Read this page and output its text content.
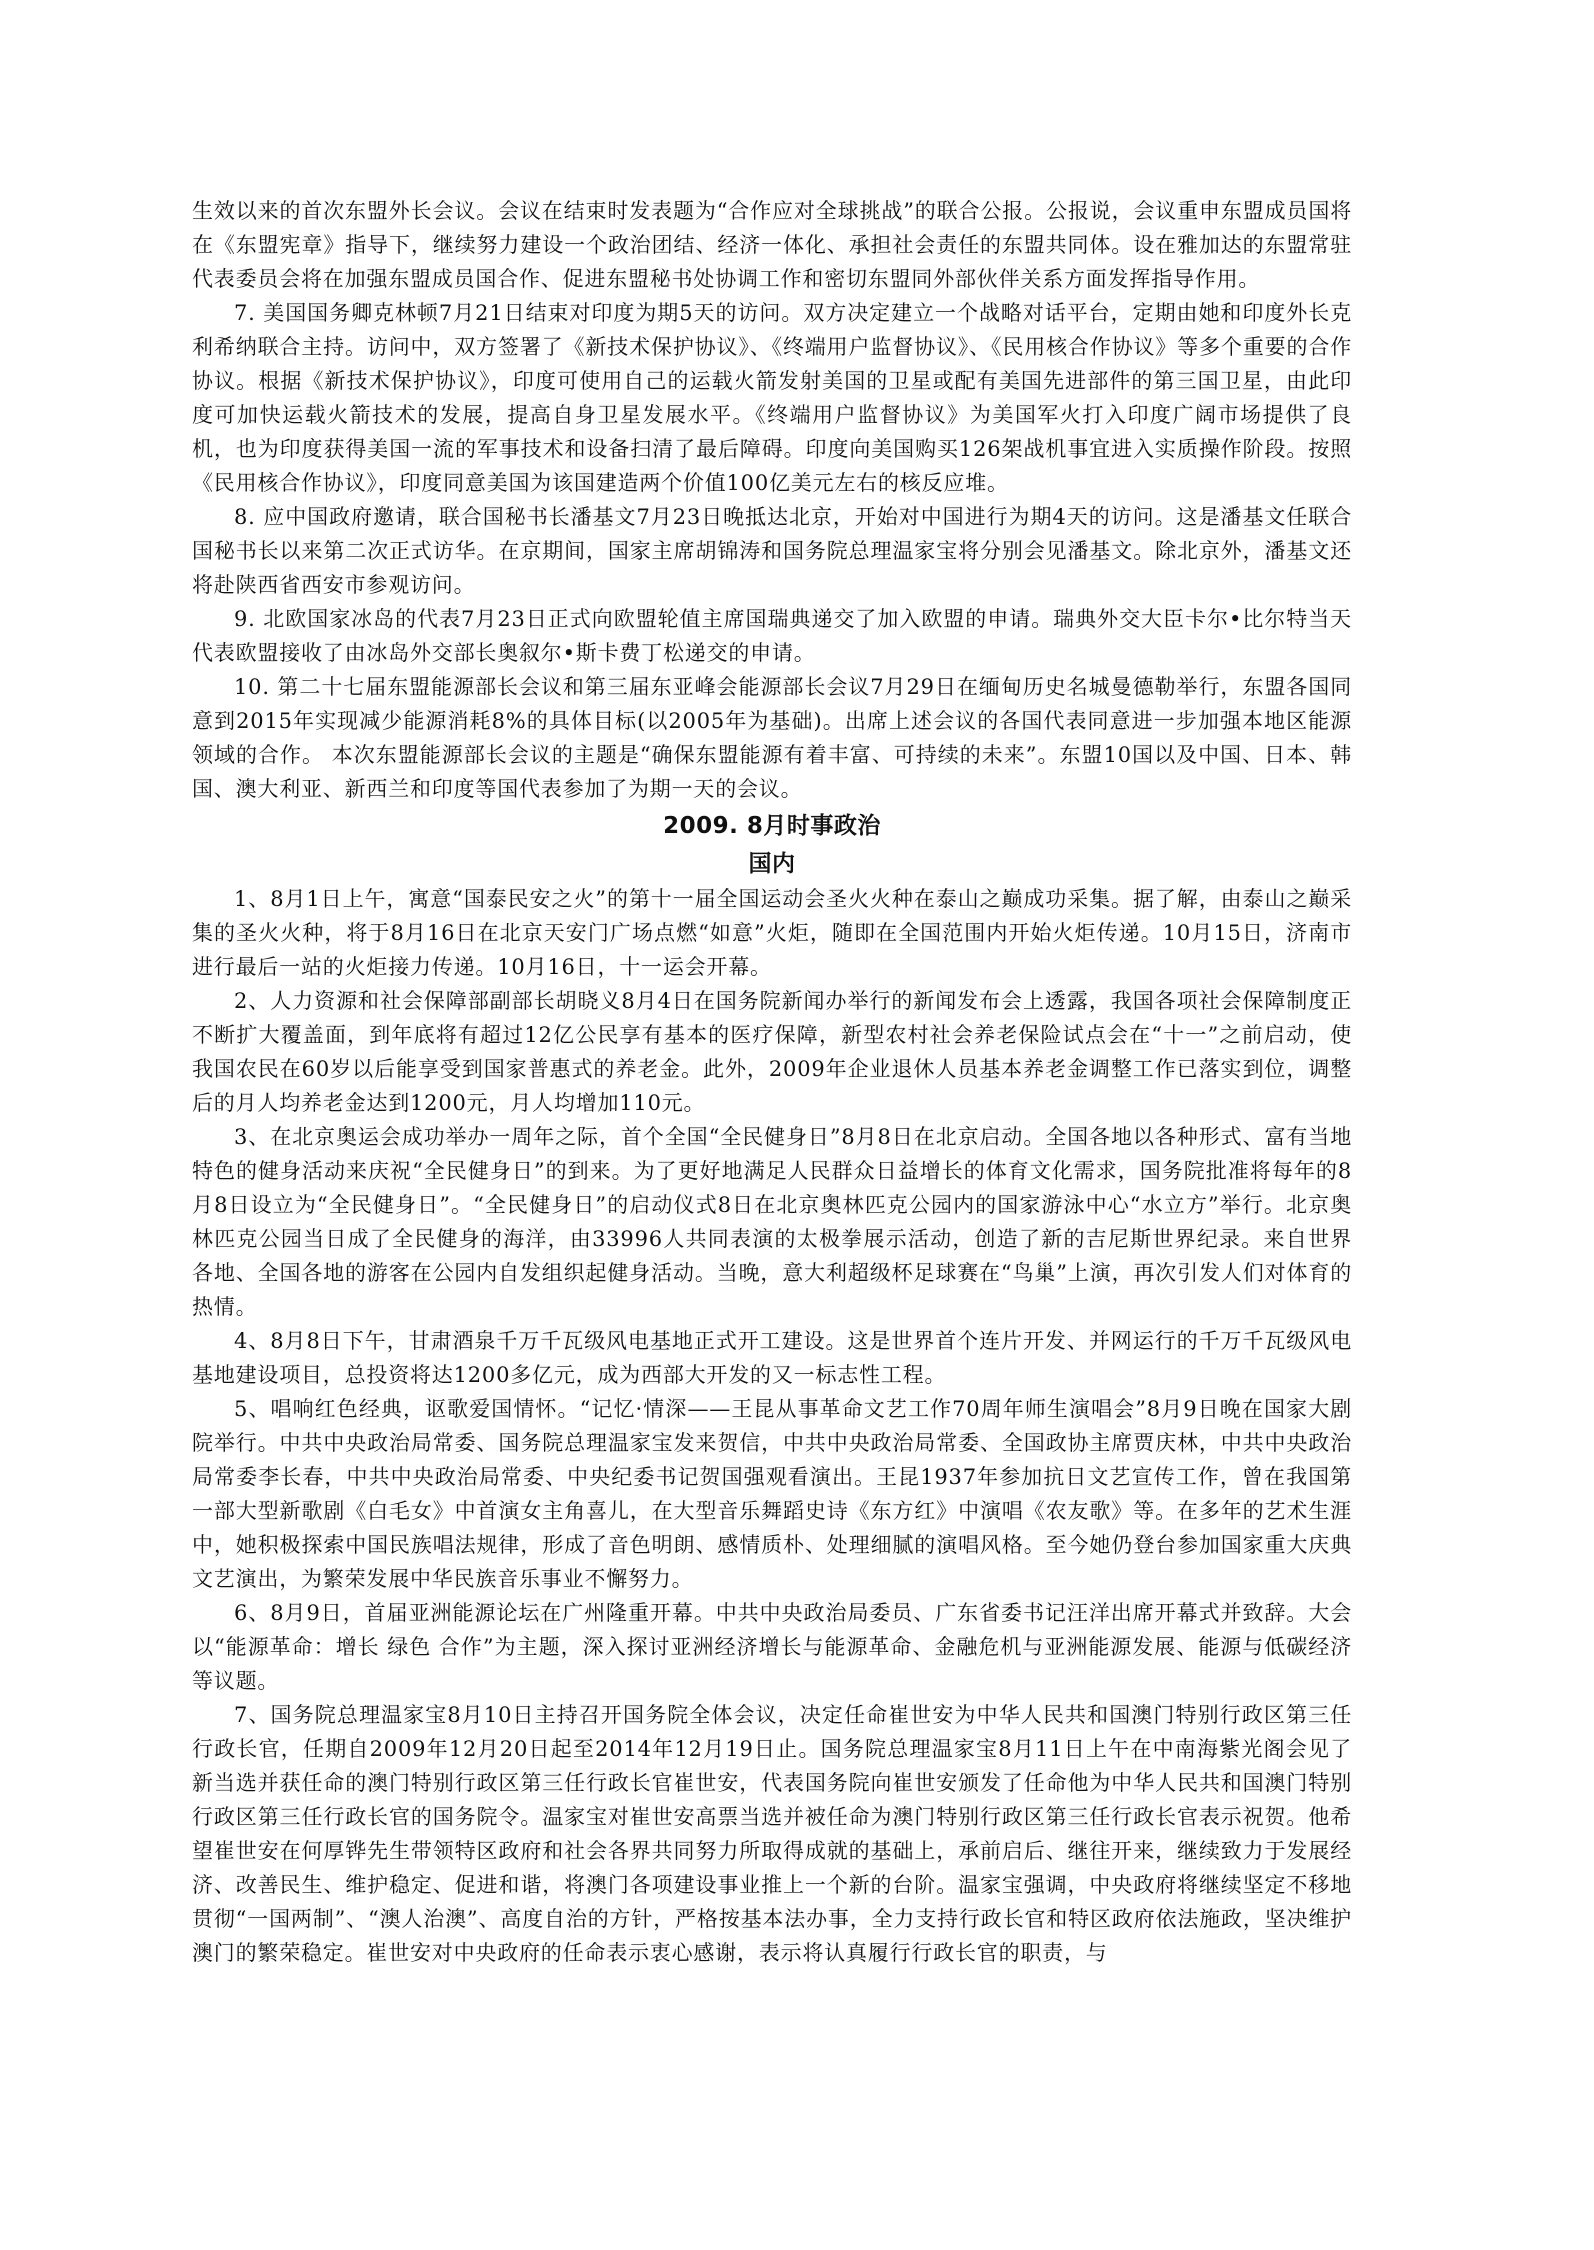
生效以来的首次东盟外长会议。会议在结束时发表题为“合作应对全球挑战”的联合公报。公报说，会议重申东盟成员国将在《东盟宪章》指导下，继续努力建设一个政治团结、经济一体化、承担社会责任的东盟共同体。设在雅加达的东盟常驻代表委员会将在加强东盟成员国合作、促进东盟秘书处协调工作和密切东盟同外部伙伴关系方面发挥指导作用。

7. 美国国务卿克林顿7月21日结束对印度为期5天的访问。双方决定建立一个战略对话平台，定期由她和印度外长克利希纳联合主持。访问中，双方签署了《新技术保护协议》、《终端用户监督协议》、《民用核合作协议》等多个重要的合作协议。根据《新技术保护协议》，印度可使用自己的运载火箭发射美国的卫星或配有美国先进部件的第三国卫星，由此印度可加快运载火箭技术的发展，提高自身卫星发展水平。《终端用户监督协议》为美国军火打入印度广阔市场提供了良机，也为印度获得美国一流的军事技术和设备扫清了最后障碍。印度向美国购买126架战机事宜进入实质操作阶段。按照《民用核合作协议》，印度同意美国为该国建造两个价值100亿美元左右的核反应堆。

8. 应中国政府邀请，联合国秘书长潘基文7月23日晚抵达北京，开始对中国进行为期4天的访问。这是潘基文任联合国秘书长以来第二次正式访华。在京期间，国家主席胡锦涛和国务院总理温家宝将分别会见潘基文。除北京外，潘基文还将赴陕西省西安市参观访问。

9. 北欧国家冰岛的代表7月23日正式向欧盟轮值主席国瑞典递交了加入欧盟的申请。瑞典外交大臣卡尔•比尔特当天代表欧盟接收了由冰岛外交部长奥叙尔•斯卡费丁松递交的申请。

10. 第二十七届东盟能源部长会议和第三届东亚峰会能源部长会议7月29日在缅甸历史名城曼德勒举行，东盟各国同意到2015年实现减少能源消耗8%的具体目标(以2005年为基础)。出席上述会议的各国代表同意进一步加强本地区能源领域的合作。 本次东盟能源部长会议的主题是“确保东盟能源有着丰富、可持续的未来”。东盟10国以及中国、日本、韩国、澳大利亚、新西兰和印度等国代表参加了为期一天的会议。

2009. 8月时事政治
国内

1、8月1日上午，寓意“国泰民安之火”的第十一届全国运动会圣火火种在泰山之巅成功采集。据了解，由泰山之巅采集的圣火火种，将于8月16日在北京天安门广场点燃“如意”火炬，随即在全国范围内开始火炬传递。10月15日，济南市进行最后一站的火炬接力传递。10月16日，十一运会开幕。

2、人力资源和社会保障部副部长胡晓义8月4日在国务院新闻办举行的新闻发布会上透露，我国各项社会保障制度正不断扩大覆盖面，到年底将有超过12亿公民享有基本的医疗保障，新型农村社会养老保险试点会在“十一”之前启动，使我国农民在60岁以后能享受到国家普惠式的养老金。此外，2009年企业退休人员基本养老金调整工作已落实到位，调整后的月人均养老金达到1200元，月人均增加110元。

3、在北京奥运会成功举办一周年之际，首个全国“全民健身日”8月8日在北京启动。全国各地以各种形式、富有当地特色的健身活动来庆祝“全民健身日”的到来。为了更好地满足人民群众日益增长的体育文化需求，国务院批准将每年的8月8日设立为“全民健身日”。“全民健身日”的启动仪式8日在北京奥林匹克公园内的国家游泳中心“水立方”举行。北京奥林匹克公园当日成了全民健身的海洋，由33996人共同表演的太极拳展示活动，创造了新的吉尼斯世界纪录。来自世界各地、全国各地的游客在公园内自发组织起健身活动。当晚，意大利超级杯足球赛在“鸟巢”上演，再次引发人们对体育的热情。

4、8月8日下午，甘肃酒泉千万千瓦级风电基地正式开工建设。这是世界首个连片开发、并网运行的千万千瓦级风电基地建设项目，总投资将达1200多亿元，成为西部大开发的又一标志性工程。

5、唱响红色经典，讴歌爱国情怀。“记忆·情深——王昆从事革命文艺工作70周年师生演唱会”8月9日晚在国家大剧院举行。中共中央政治局常委、国务院总理温家宝发来贺信，中共中央政治局常委、全国政协主席贾庆林，中共中央政治局常委李长春，中共中央政治局常委、中央纪委书记贺国强观看演出。王昆1937年参加抗日文艺宣传工作，曾在我国第一部大型新歌剧《白毛女》中首演女主角喜儿，在大型音乐舞蹈史诗《东方红》中演唱《农友歌》等。在多年的艺术生涯中，她积极探索中国民族唱法规律，形成了音色明朗、感情质朴、处理细腻的演唱风格。至今她仍登台参加国家重大庆典文艺演出，为繁荣发展中华民族音乐事业不懈努力。

6、8月9日，首届亚洲能源论坛在广州隆重开幕。中共中央政治局委员、广东省委书记汪洋出席开幕式并致辞。大会以“能源革命：增长 绿色 合作”为主题，深入探讨亚洲经济增长与能源革命、金融危机与亚洲能源发展、能源与低碳经济等议题。

7、国务院总理温家宝8月10日主持召开国务院全体会议，决定任命崔世安为中华人民共和国澳门特别行政区第三任行政长官，任期自2009年12月20日起至2014年12月19日止。国务院总理温家宝8月11日上午在中南海紫光阁会见了新当选并获任命的澳门特别行政区第三任行政长官崔世安，代表国务院向崔世安颁发了任命他为中华人民共和国澳门特别行政区第三任行政长官的国务院令。温家宝对崔世安高票当选并被任命为澳门特别行政区第三任行政长官表示祝贺。他希望崔世安在何厚铧先生带领特区政府和社会各界共同努力所取得成就的基础上，承前启后、继往开来，继续致力于发展经济、改善民生、维护稳定、促进和谐，将澳门各项建设事业推上一个新的台阶。温家宝强调，中央政府将继续坚定不移地贯彻“一国两制”、“澳人治澳”、高度自治的方针，严格按基本法办事，全力支持行政长官和特区政府依法施政，坚决维护澳门的繁荣稳定。崔世安对中央政府的任命表示衷心感谢，表示将认真履行行政长官的职责，与
